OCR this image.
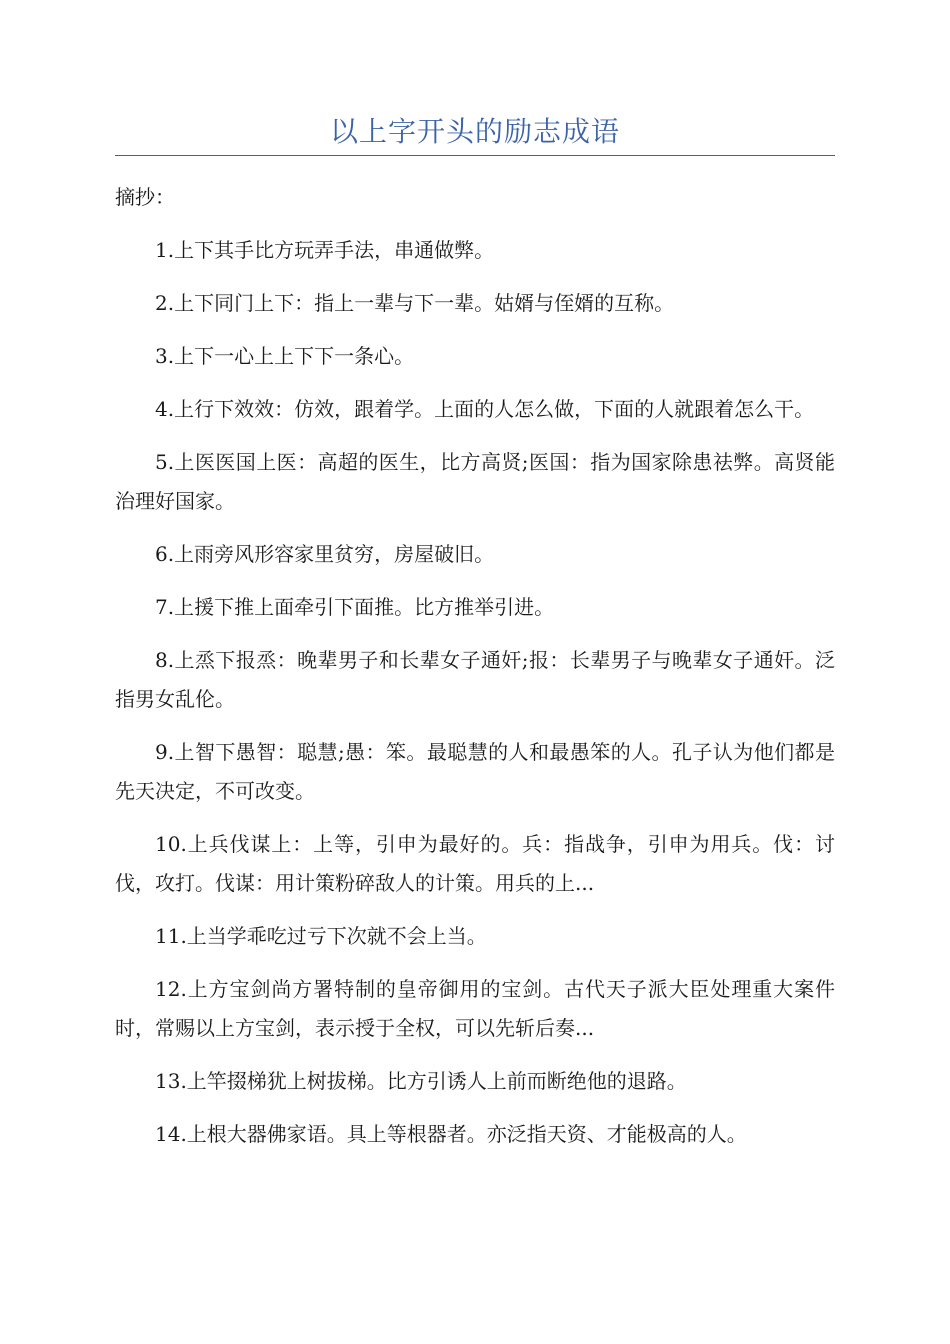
以上字开头的励志成语

摘抄：

1.上下其手比方玩弄手法，串通做弊。

2.上下同门上下：指上一辈与下一辈。姑婿与侄婿的互称。

3.上下一心上上下下一条心。

4.上行下效效：仿效，跟着学。上面的人怎么做，下面的人就跟着怎么干。

5.上医医国上医：高超的医生，比方高贤;医国：指为国家除患祛弊。高贤能治理好国家。

6.上雨旁风形容家里贫穷，房屋破旧。

7.上援下推上面牵引下面推。比方推举引进。

8.上烝下报烝：晚辈男子和长辈女子通奸;报：长辈男子与晚辈女子通奸。泛指男女乱伦。

9.上智下愚智：聪慧;愚：笨。最聪慧的人和最愚笨的人。孔子认为他们都是先天决定，不可改变。

10.上兵伐谋上：上等，引申为最好的。兵：指战争，引申为用兵。伐：讨伐，攻打。伐谋：用计策粉碎敌人的计策。用兵的上...

11.上当学乖吃过亏下次就不会上当。

12.上方宝剑尚方署特制的皇帝御用的宝剑。古代天子派大臣处理重大案件时，常赐以上方宝剑，表示授于全权，可以先斩后奏...

13.上竿掇梯犹上树拔梯。比方引诱人上前而断绝他的退路。

14.上根大器佛家语。具上等根器者。亦泛指天资、才能极高的人。
